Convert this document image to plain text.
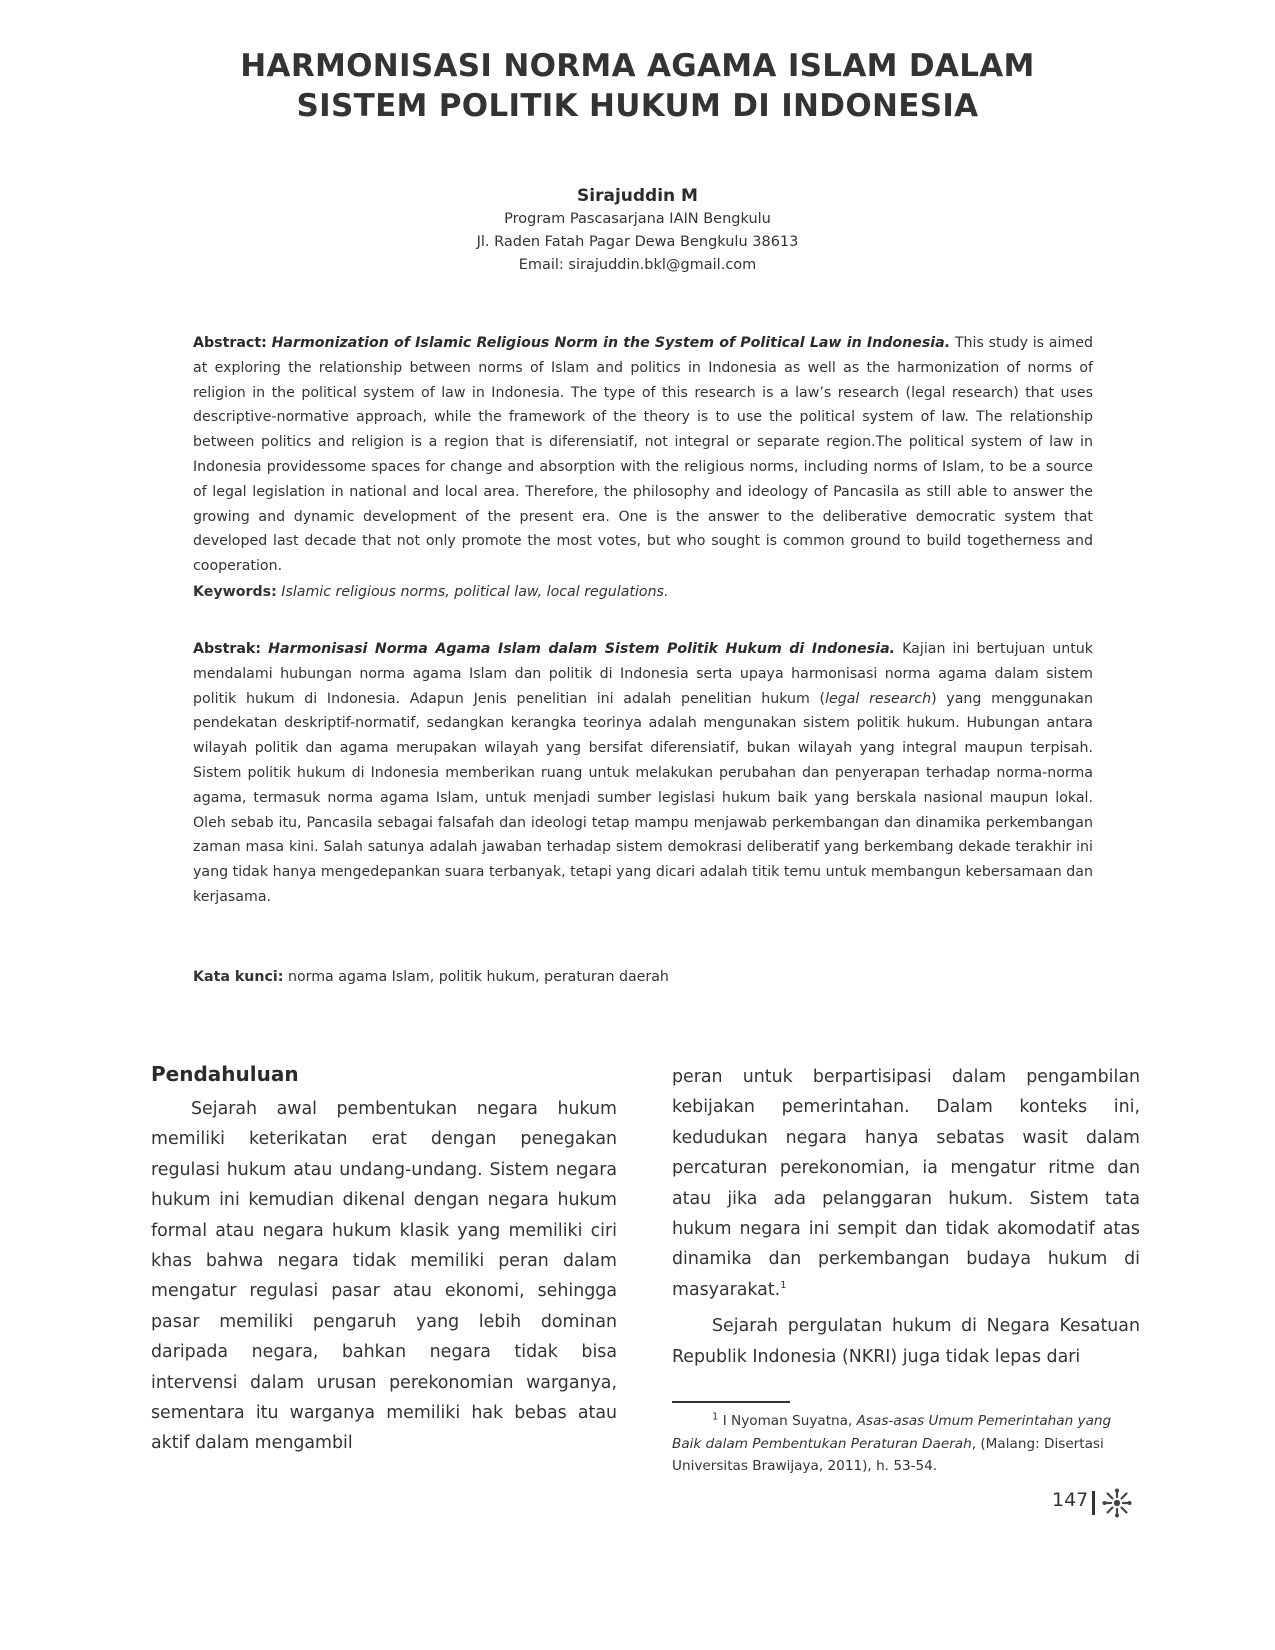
HARMONISASI NORMA AGAMA ISLAM DALAM
SISTEM POLITIK HUKUM DI INDONESIA
Sirajuddin M
Program Pascasarjana IAIN Bengkulu
Jl. Raden Fatah Pagar Dewa Bengkulu 38613
Email: sirajuddin.bkl@gmail.com
Abstract: Harmonization of Islamic Religious Norm in the System of Political Law in Indonesia. This study is aimed at exploring the relationship between norms of Islam and politics in Indonesia as well as the harmonization of norms of religion in the political system of law in Indonesia. The type of this research is a law’s research (legal research) that uses descriptive-normative approach, while the framework of the theory is to use the political system of law. The relationship between politics and religion is a region that is diferensiatif, not integral or separate region.The political system of law in Indonesia providessome spaces for change and absorption with the religious norms, including norms of Islam, to be a source of legal legislation in national and local area. Therefore, the philosophy and ideology of Pancasila as still able to answer the growing and dynamic development of the present era. One is the answer to the deliberative democratic system that developed last decade that not only promote the most votes, but who sought is common ground to build togetherness and cooperation.
Keywords: Islamic religious norms, political law, local regulations.
Abstrak: Harmonisasi Norma Agama Islam dalam Sistem Politik Hukum di Indonesia. Kajian ini bertujuan untuk mendalami hubungan norma agama Islam dan politik di Indonesia serta upaya harmonisasi norma agama dalam sistem politik hukum di Indonesia. Adapun Jenis penelitian ini adalah penelitian hukum (legal research) yang menggunakan pendekatan deskriptif-normatif, sedangkan kerangka teorinya adalah mengunakan sistem politik hukum. Hubungan antara wilayah politik dan agama merupakan wilayah yang bersifat diferensiatif, bukan wilayah yang integral maupun terpisah. Sistem politik hukum di Indonesia memberikan ruang untuk melakukan perubahan dan penyerapan terhadap norma-norma agama, termasuk norma agama Islam, untuk menjadi sumber legislasi hukum baik yang berskala nasional maupun lokal. Oleh sebab itu, Pancasila sebagai falsafah dan ideologi tetap mampu menjawab perkembangan dan dinamika perkembangan zaman masa kini. Salah satunya adalah jawaban terhadap sistem demokrasi deliberatif yang berkembang dekade terakhir ini yang tidak hanya mengedepankan suara terbanyak, tetapi yang dicari adalah titik temu untuk membangun kebersamaan dan kerjasama.
Kata kunci: norma agama Islam, politik hukum, peraturan daerah
Pendahuluan

Sejarah awal pembentukan negara hukum memiliki keterikatan erat dengan penegakan regulasi hukum atau undang-undang. Sistem negara hukum ini kemudian dikenal dengan negara hukum formal atau negara hukum klasik yang memiliki ciri khas bahwa negara tidak memiliki peran dalam mengatur regulasi pasar atau ekonomi, sehingga pasar memiliki pengaruh yang lebih dominan daripada negara, bahkan negara tidak bisa intervensi dalam urusan perekonomian warganya, sementara itu warganya memiliki hak bebas atau aktif dalam mengambil

peran untuk berpartisipasi dalam pengambilan kebijakan pemerintahan. Dalam konteks ini, kedudukan negara hanya sebatas wasit dalam percaturan perekonomian, ia mengatur ritme dan atau jika ada pelanggaran hukum. Sistem tata hukum negara ini sempit dan tidak akomodatif atas dinamika dan perkembangan budaya hukum di masyarakat.$^1$

Sejarah pergulatan hukum di Negara Kesatuan Republik Indonesia (NKRI) juga tidak lepas dari

$^1$ I Nyoman Suyatna, Asas-asas Umum Pemerintahan yang Baik dalam Pembentukan Peraturan Daerah, (Malang: Disertasi Universitas Brawijaya, 2011), h. 53-54.
147
